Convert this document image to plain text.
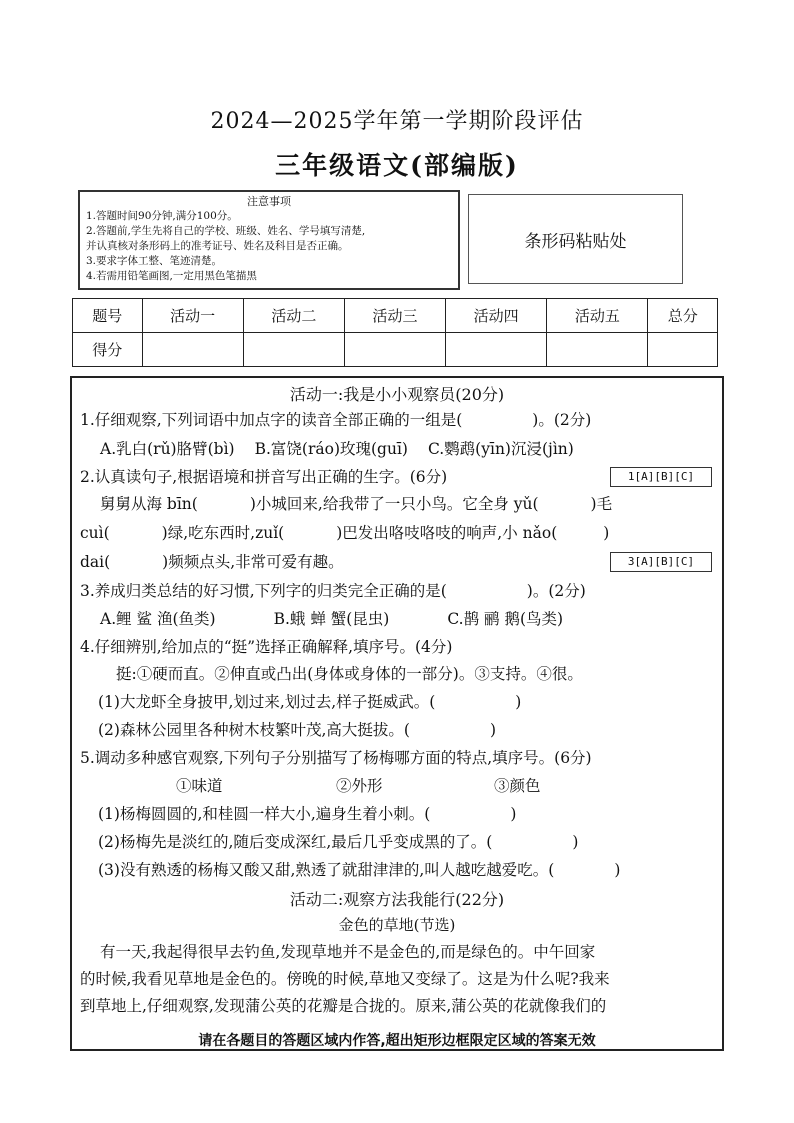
2024—2025学年第一学期阶段评估
三年级语文(部编版)
注意事项
1.答题时间90分钟,满分100分。
2.答题前,学生先将自己的学校、班级、姓名、学号填写清楚,
并认真核对条形码上的准考证号、姓名及科目是否正确。
3.要求字体工整、笔迹清楚。
4.若需用铅笔画图,一定用黑色笔描黑
条形码粘贴处
题号	活动一	活动二	活动三	活动四	活动五	总分
得分						
活动一:我是小小观察员(20分)
1.仔细观察,下列词语中加点字的读音全部正确的一组是(	)。(2分)
A.乳白(rǔ)胳臂(bì) B.富饶(ráo)玫瑰(guī) C.鹦鹉(yīn)沉浸(jìn)
2.认真读句子,根据语境和拼音写出正确的生字。(6分)	1[A][B][C]
舅舅从海 bīn(	)小城回来,给我带了一只小鸟。它全身 yǔ(	)毛
cuì(	)绿,吃东西时,zuǐ(	)巴发出咯吱咯吱的响声,小 nǎo(	)
dai(	)频频点头,非常可爱有趣。	3[A][B][C]
3.养成归类总结的好习惯,下列字的归类完全正确的是(	)。(2分)
A.鲤 鲨 渔(鱼类)	B.蛾 蝉 蟹(昆虫)	C.鹊 鹂 鹅(鸟类)
4.仔细辨别,给加点的“挺”选择正确解释,填序号。(4分)
挺:①硬而直。②伸直或凸出(身体或身体的一部分)。③支持。④很。
(1)大龙虾全身披甲,划过来,划过去,样子挺威武。(	)
(2)森林公园里各种树木枝繁叶茂,高大挺拔。(	)
5.调动多种感官观察,下列句子分别描写了杨梅哪方面的特点,填序号。(6分)
①味道	②外形	③颜色
(1)杨梅圆圆的,和桂圆一样大小,遍身生着小刺。(	)
(2)杨梅先是淡红的,随后变成深红,最后几乎变成黑的了。(	)
(3)没有熟透的杨梅又酸又甜,熟透了就甜津津的,叫人越吃越爱吃。(	)
活动二:观察方法我能行(22分)
金色的草地(节选)
有一天,我起得很早去钓鱼,发现草地并不是金色的,而是绿色的。中午回家
的时候,我看见草地是金色的。傍晚的时候,草地又变绿了。这是为什么呢?我来
到草地上,仔细观察,发现蒲公英的花瓣是合拢的。原来,蒲公英的花就像我们的
请在各题目的答题区域内作答,超出矩形边框限定区域的答案无效
